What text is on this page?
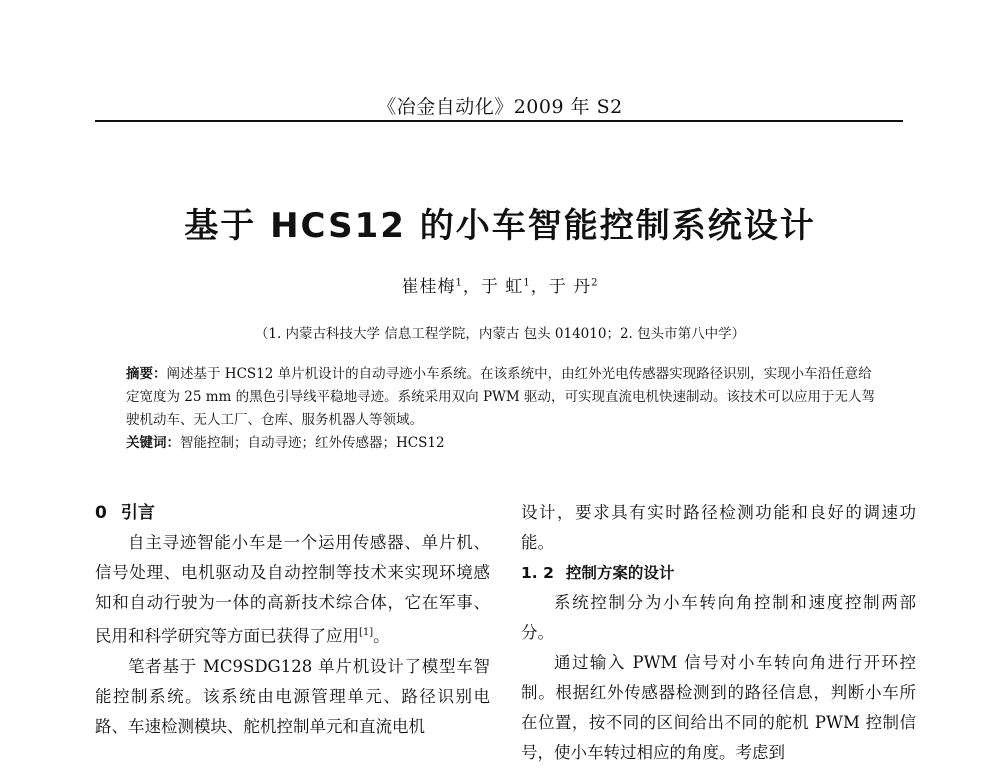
《冶金自动化》2009 年 S2
基于 HCS12 的小车智能控制系统设计
崔桂梅$^1$，于 虹$^1$，于 丹$^2$
（1. 内蒙古科技大学 信息工程学院，内蒙古 包头 014010；2. 包头市第八中学）

摘要：阐述基于 HCS12 单片机设计的自动寻迹小车系统。在该系统中，由红外光电传感器实现路径识别，实现小车沿任意给定宽度为 25 mm 的黑色引导线平稳地寻迹。系统采用双向 PWM 驱动，可实现直流电机快速制动。该技术可以应用于无人驾驶机动车、无人工厂、仓库、服务机器人等领域。

关键词：智能控制；自动寻迹；红外传感器；HCS12

0 引言

自主寻迹智能小车是一个运用传感器、单片机、信号处理、电机驱动及自动控制等技术来实现环境感知和自动行驶为一体的高新技术综合体，它在军事、民用和科学研究等方面已获得了应用[1]。

笔者基于 MC9SDG128 单片机设计了模型车智能控制系统。该系统由电源管理单元、路径识别电路、车速检测模块、舵机控制单元和直流电机

设计，要求具有实时路径检测功能和良好的调速功能。

1. 2 控制方案的设计

系统控制分为小车转向角控制和速度控制两部分。

通过输入 PWM 信号对小车转向角进行开环控制。根据红外传感器检测到的路径信息，判断小车所在位置，按不同的区间给出不同的舵机 PWM 控制信号，使小车转过相应的角度。考虑到
